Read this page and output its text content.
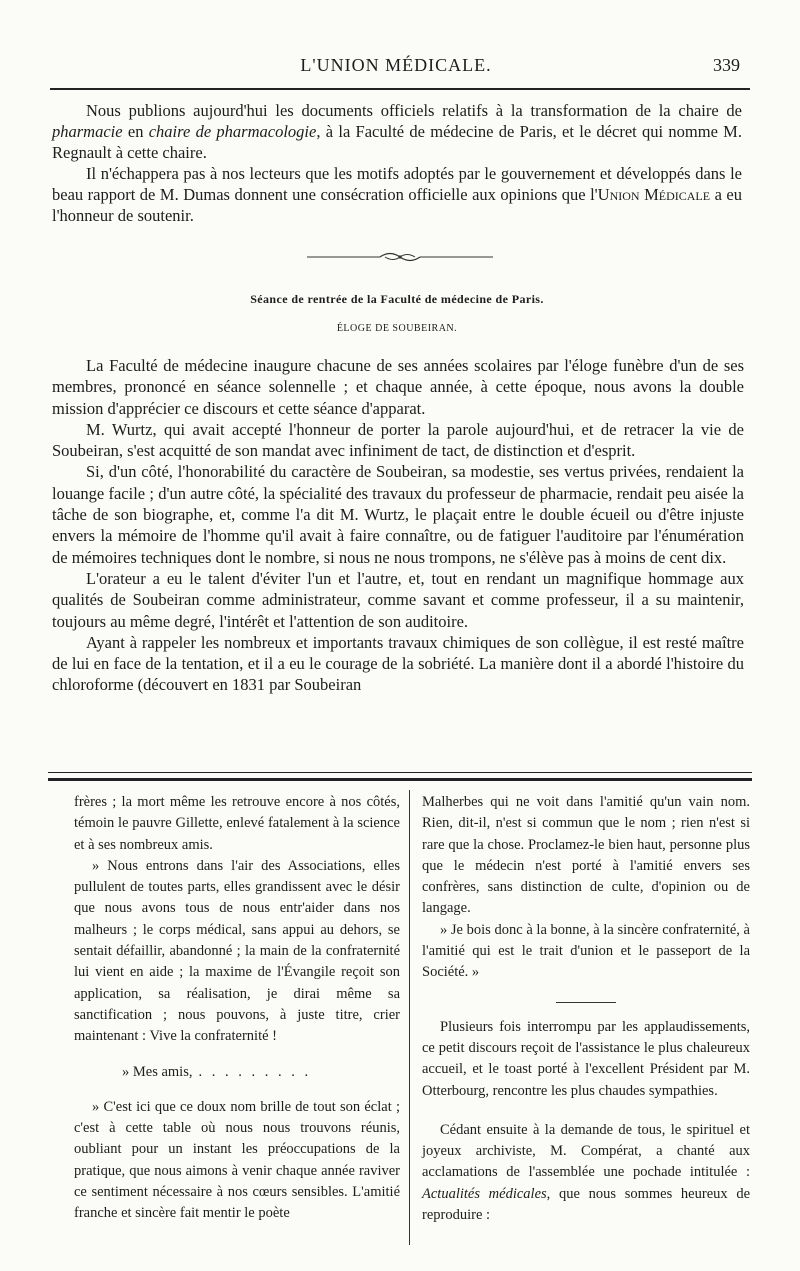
L'UNION MÉDICALE.	339

Nous publions aujourd'hui les documents officiels relatifs à la transformation de la chaire de pharmacie en chaire de pharmacologie, à la Faculté de médecine de Paris, et le décret qui nomme M. Regnault à cette chaire.

Il n'échappera pas à nos lecteurs que les motifs adoptés par le gouvernement et développés dans le beau rapport de M. Dumas donnent une consécration officielle aux opinions que l'Union Médicale a eu l'honneur de soutenir.

Séance de rentrée de la Faculté de médecine de Paris.
ÉLOGE DE SOUBEIRAN.

La Faculté de médecine inaugure chacune de ses années scolaires par l'éloge funèbre d'un de ses membres, prononcé en séance solennelle ; et chaque année, à cette époque, nous avons la double mission d'apprécier ce discours et cette séance d'apparat.

M. Wurtz, qui avait accepté l'honneur de porter la parole aujourd'hui, et de retracer la vie de Soubeiran, s'est acquitté de son mandat avec infiniment de tact, de distinction et d'esprit.

Si, d'un côté, l'honorabilité du caractère de Soubeiran, sa modestie, ses vertus privées, rendaient la louange facile ; d'un autre côté, la spécialité des travaux du professeur de pharmacie, rendait peu aisée la tâche de son biographe, et, comme l'a dit M. Wurtz, le plaçait entre le double écueil ou d'être injuste envers la mémoire de l'homme qu'il avait à faire connaître, ou de fatiguer l'auditoire par l'énumération de mémoires techniques dont le nombre, si nous ne nous trompons, ne s'élève pas à moins de cent dix.

L'orateur a eu le talent d'éviter l'un et l'autre, et, tout en rendant un magnifique hommage aux qualités de Soubeiran comme administrateur, comme savant et comme professeur, il a su maintenir, toujours au même degré, l'intérêt et l'attention de son auditoire.

Ayant à rappeler les nombreux et importants travaux chimiques de son collègue, il est resté maître de lui en face de la tentation, et il a eu le courage de la sobriété. La manière dont il a abordé l'histoire du chloroforme (découvert en 1831 par Soubeiran

frères ; la mort même les retrouve encore à nos côtés, témoin le pauvre Gillette, enlevé fatalement à la science et à ses nombreux amis.

» Nous entrons dans l'air des Associations, elles pullulent de toutes parts, elles grandissent avec le désir que nous avons tous de nous entr'aider dans nos malheurs ; le corps médical, sans appui au dehors, se sentait défaillir, abandonné ; la main de la confraternité lui vient en aide ; la maxime de l'Évangile reçoit son application, sa réalisation, je dirai même sa sanctification ; nous pouvons, à juste titre, crier maintenant : Vive la confraternité !

» Mes amis, . . . . . . . . .

» C'est ici que ce doux nom brille de tout son éclat ; c'est à cette table où nous nous trouvons réunis, oubliant pour un instant les préoccupations de la pratique, que nous aimons à venir chaque année raviver ce sentiment nécessaire à nos cœurs sensibles. L'amitié franche et sincère fait mentir le poète

Malherbes qui ne voit dans l'amitié qu'un vain nom. Rien, dit-il, n'est si commun que le nom ; rien n'est si rare que la chose. Proclamez-le bien haut, personne plus que le médecin n'est porté à l'amitié envers ses confrères, sans distinction de culte, d'opinion ou de langage.

» Je bois donc à la bonne, à la sincère confraternité, à l'amitié qui est le trait d'union et le passeport de la Société. »

Plusieurs fois interrompu par les applaudissements, ce petit discours reçoit de l'assistance le plus chaleureux accueil, et le toast porté à l'excellent Président par M. Otterbourg, rencontre les plus chaudes sympathies.

Cédant ensuite à la demande de tous, le spirituel et joyeux archiviste, M. Compérat, a chanté aux acclamations de l'assemblée une pochade intitulée : Actualités médicales, que nous sommes heureux de reproduire :
